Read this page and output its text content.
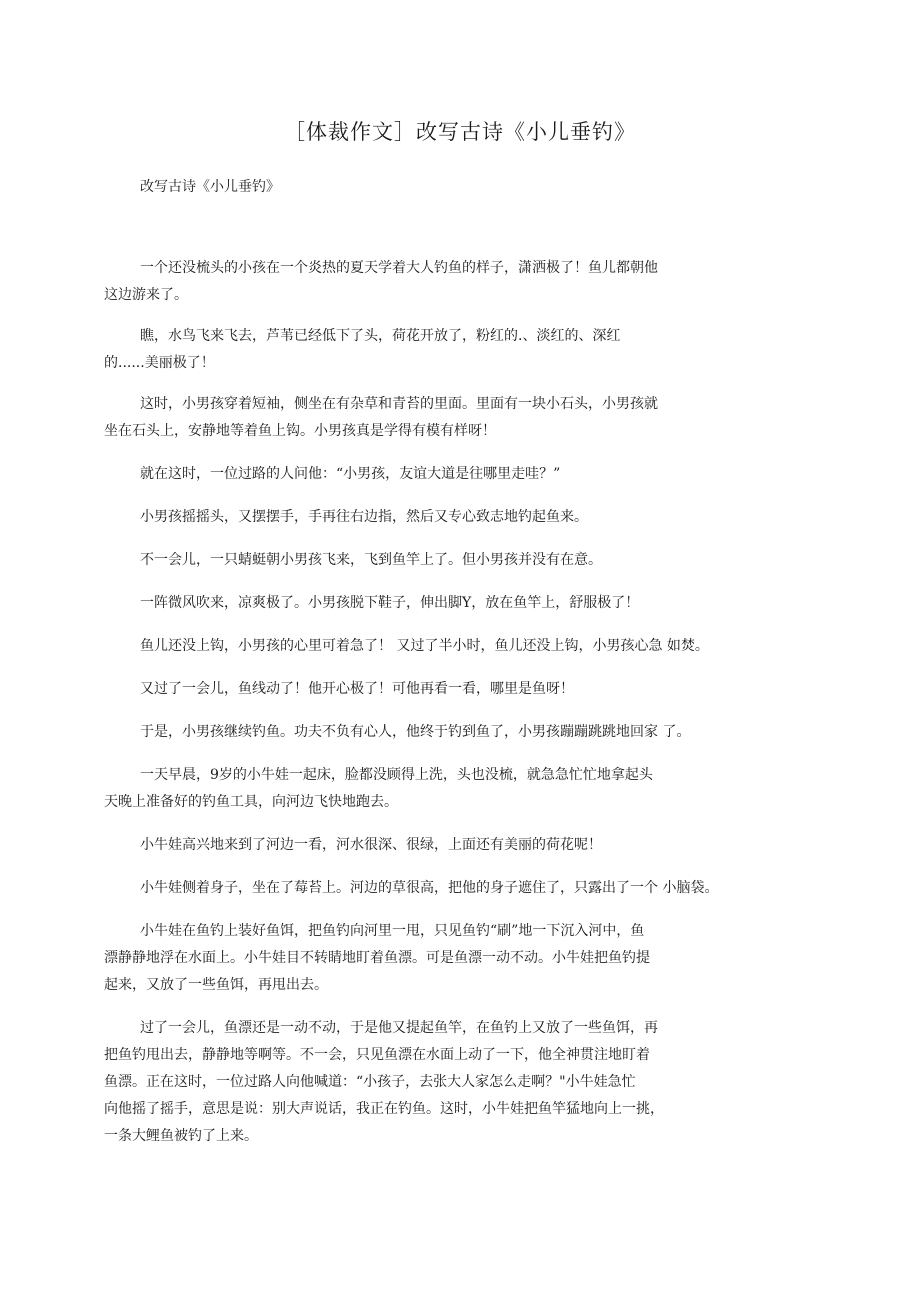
［体裁作文］改写古诗《小儿垂钓》

改写古诗《小儿垂钓》

一个还没梳头的小孩在一个炎热的夏天学着大人钓鱼的样子，潇洒极了！鱼儿都朝他
这边游来了。

瞧，水鸟飞来飞去，芦苇已经低下了头，荷花开放了，粉红的.、淡红的、深红
的......美丽极了！

这时，小男孩穿着短袖，侧坐在有杂草和青苔的里面。里面有一块小石头，小男孩就
坐在石头上，安静地等着鱼上钩。小男孩真是学得有模有样呀！

就在这时，一位过路的人问他：“小男孩，友谊大道是往哪里走哇？”

小男孩摇摇头，又摆摆手，手再往右边指，然后又专心致志地钓起鱼来。

不一会儿，一只蜻蜓朝小男孩飞来，飞到鱼竿上了。但小男孩并没有在意。

一阵微风吹来，凉爽极了。小男孩脱下鞋子，伸出脚Y，放在鱼竿上，舒服极了！

鱼儿还没上钩，小男孩的心里可着急了！ 又过了半小时，鱼儿还没上钩，小男孩心急 如焚。

又过了一会儿，鱼线动了！他开心极了！可他再看一看，哪里是鱼呀！

于是，小男孩继续钓鱼。功夫不负有心人，他终于钓到鱼了，小男孩蹦蹦跳跳地回家 了。

一天早晨，9岁的小牛娃一起床，脸都没顾得上洗，头也没梳，就急急忙忙地拿起头
天晚上准备好的钓鱼工具，向河边飞快地跑去。

小牛娃高兴地来到了河边一看，河水很深、很绿，上面还有美丽的荷花呢！

小牛娃侧着身子，坐在了莓苔上。河边的草很高，把他的身子遮住了，只露出了一个 小脑袋。

小牛娃在鱼钓上装好鱼饵，把鱼钓向河里一甩，只见鱼钓“刷”地一下沉入河中，鱼
漂静静地浮在水面上。小牛娃目不转睛地盯着鱼漂。可是鱼漂一动不动。小牛娃把鱼钓提
起来，又放了一些鱼饵，再甩出去。

过了一会儿，鱼漂还是一动不动，于是他又提起鱼竿，在鱼钓上又放了一些鱼饵，再
把鱼钓甩出去，静静地等啊等。不一会，只见鱼漂在水面上动了一下，他全神贯注地盯着
鱼漂。正在这时，一位过路人向他喊道：“小孩子，去张大人家怎么走啊？"小牛娃急忙
向他摇了摇手，意思是说：别大声说话，我正在钓鱼。这时，小牛娃把鱼竿猛地向上一挑，
一条大鲤鱼被钓了上来。
